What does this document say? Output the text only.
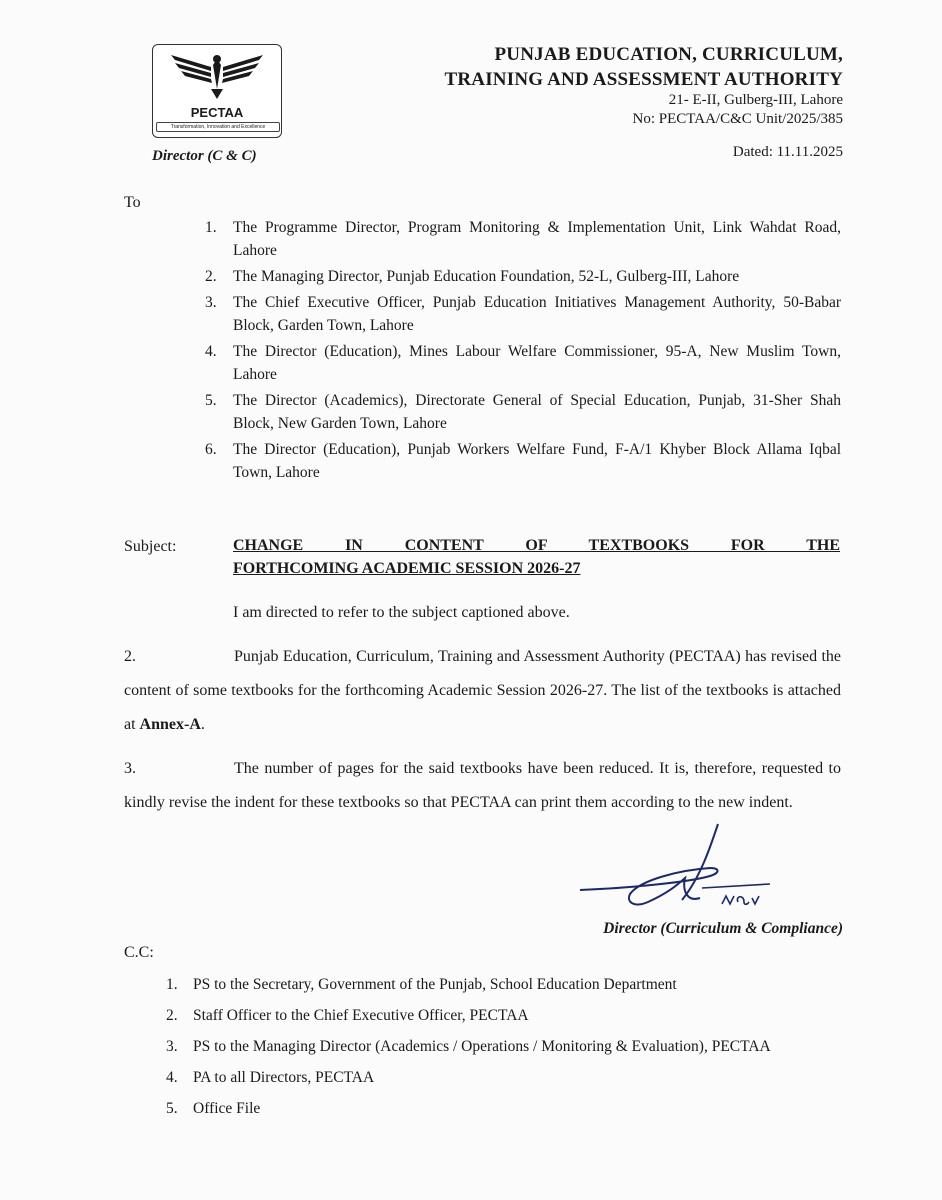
PECTAA
Transformation, Innovation and Excellence
Director (C & C)
PUNJAB EDUCATION, CURRICULUM,
TRAINING AND ASSESSMENT AUTHORITY
21- E-II, Gulberg-III, Lahore
No: PECTAA/C&C Unit/2025/385
Dated: 11.11.2025
To
1. The Programme Director, Program Monitoring & Implementation Unit, Link Wahdat Road, Lahore
2. The Managing Director, Punjab Education Foundation, 52-L, Gulberg-III, Lahore
3. The Chief Executive Officer, Punjab Education Initiatives Management Authority, 50-Babar Block, Garden Town, Lahore
4. The Director (Education), Mines Labour Welfare Commissioner, 95-A, New Muslim Town, Lahore
5. The Director (Academics), Directorate General of Special Education, Punjab, 31-Sher Shah Block, New Garden Town, Lahore
6. The Director (Education), Punjab Workers Welfare Fund, F-A/1 Khyber Block Allama Iqbal Town, Lahore
Subject:	CHANGE IN CONTENT OF TEXTBOOKS FOR THE
FORTHCOMING ACADEMIC SESSION 2026-27
I am directed to refer to the subject captioned above.
2.	Punjab Education, Curriculum, Training and Assessment Authority (PECTAA) has revised the content of some textbooks for the forthcoming Academic Session 2026-27. The list of the textbooks is attached at Annex-A.
3.	The number of pages for the said textbooks have been reduced. It is, therefore, requested to kindly revise the indent for these textbooks so that PECTAA can print them according to the new indent.
Director (Curriculum & Compliance)
C.C:
1. PS to the Secretary, Government of the Punjab, School Education Department
2. Staff Officer to the Chief Executive Officer, PECTAA
3. PS to the Managing Director (Academics / Operations / Monitoring & Evaluation), PECTAA
4. PA to all Directors, PECTAA
5. Office File
